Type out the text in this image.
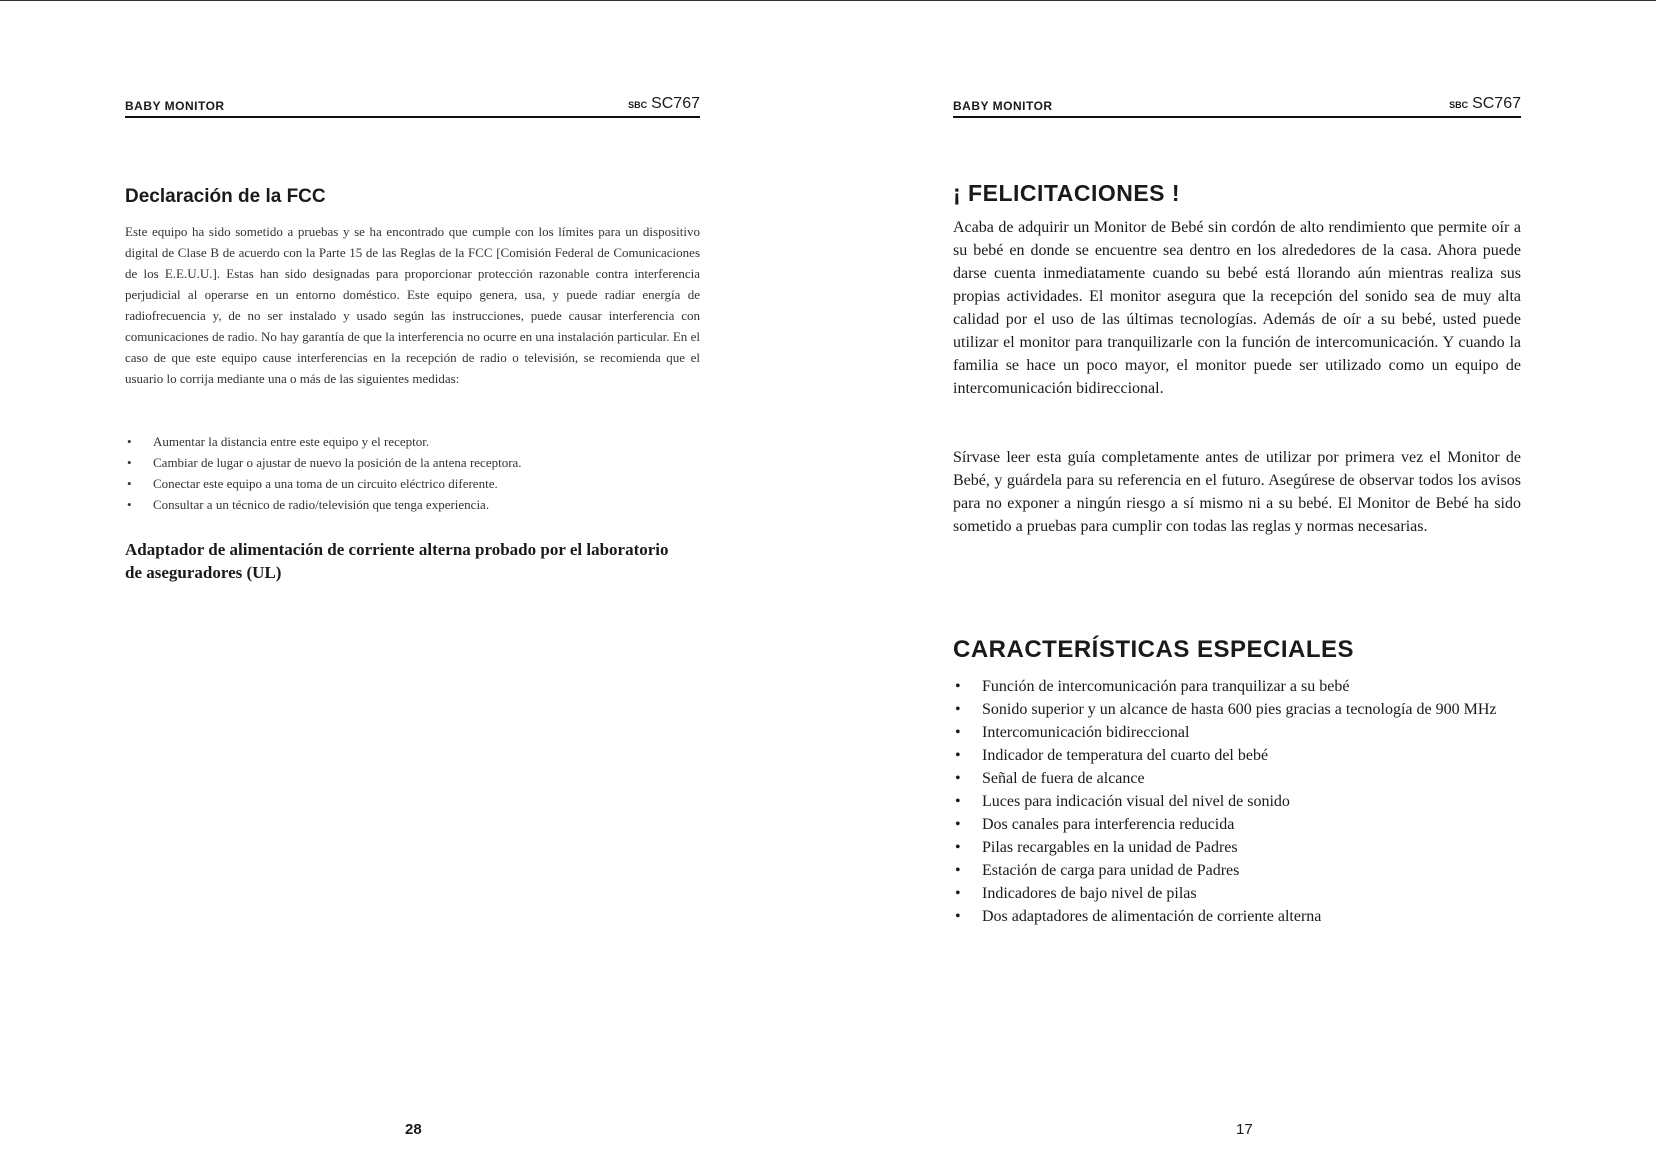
BABY MONITOR	SBC SC767
Declaración de la FCC

Este equipo ha sido sometido a pruebas y se ha encontrado que cumple con los límites para un dispositivo digital de Clase B de acuerdo con la Parte 15 de las Reglas de la FCC [Comisión Federal de Comunicaciones de los E.E.U.U.]. Estas han sido designadas para proporcionar protección razonable contra interferencia perjudicial al operarse en un entorno doméstico. Este equipo genera, usa, y puede radiar energía de radiofrecuencia y, de no ser instalado y usado según las instrucciones, puede causar interferencia con comunicaciones de radio. No hay garantía de que la interferencia no ocurre en una instalación particular. En el caso de que este equipo cause interferencias en la recepción de radio o televisión, se recomienda que el usuario lo corrija mediante una o más de las siguientes medidas:

• Aumentar la distancia entre este equipo y el receptor.
• Cambiar de lugar o ajustar de nuevo la posición de la antena receptora.
• Conectar este equipo a una toma de un circuito eléctrico diferente.
• Consultar a un técnico de radio/televisión que tenga experiencia.
Adaptador de alimentación de corriente alterna probado por el laboratorio de aseguradores (UL)
28
BABY MONITOR	SBC SC767
¡ FELICITACIONES !

Acaba de adquirir un Monitor de Bebé sin cordón de alto rendimiento que permite oír a su bebé en donde se encuentre sea dentro en los alrededores de la casa. Ahora puede darse cuenta inmediatamente cuando su bebé está llorando aún mientras realiza sus propias actividades. El monitor asegura que la recepción del sonido sea de muy alta calidad por el uso de las últimas tecnologías. Además de oír a su bebé, usted puede utilizar el monitor para tranquilizarle con la función de intercomunicación. Y cuando la familia se hace un poco mayor, el monitor puede ser utilizado como un equipo de intercomunicación bidireccional.

Sírvase leer esta guía completamente antes de utilizar por primera vez el Monitor de Bebé, y guárdela para su referencia en el futuro. Asegúrese de observar todos los avisos para no exponer a ningún riesgo a sí mismo ni a su bebé. El Monitor de Bebé ha sido sometido a pruebas para cumplir con todas las reglas y normas necesarias.

CARACTERÍSTICAS ESPECIALES
• Función de intercomunicación para tranquilizar a su bebé
• Sonido superior y un alcance de hasta 600 pies gracias a tecnología de 900 MHz
• Intercomunicación bidireccional
• Indicador de temperatura del cuarto del bebé
• Señal de fuera de alcance
• Luces para indicación visual del nivel de sonido
• Dos canales para interferencia reducida
• Pilas recargables en la unidad de Padres
• Estación de carga para unidad de Padres
• Indicadores de bajo nivel de pilas
• Dos adaptadores de alimentación de corriente alterna
17
